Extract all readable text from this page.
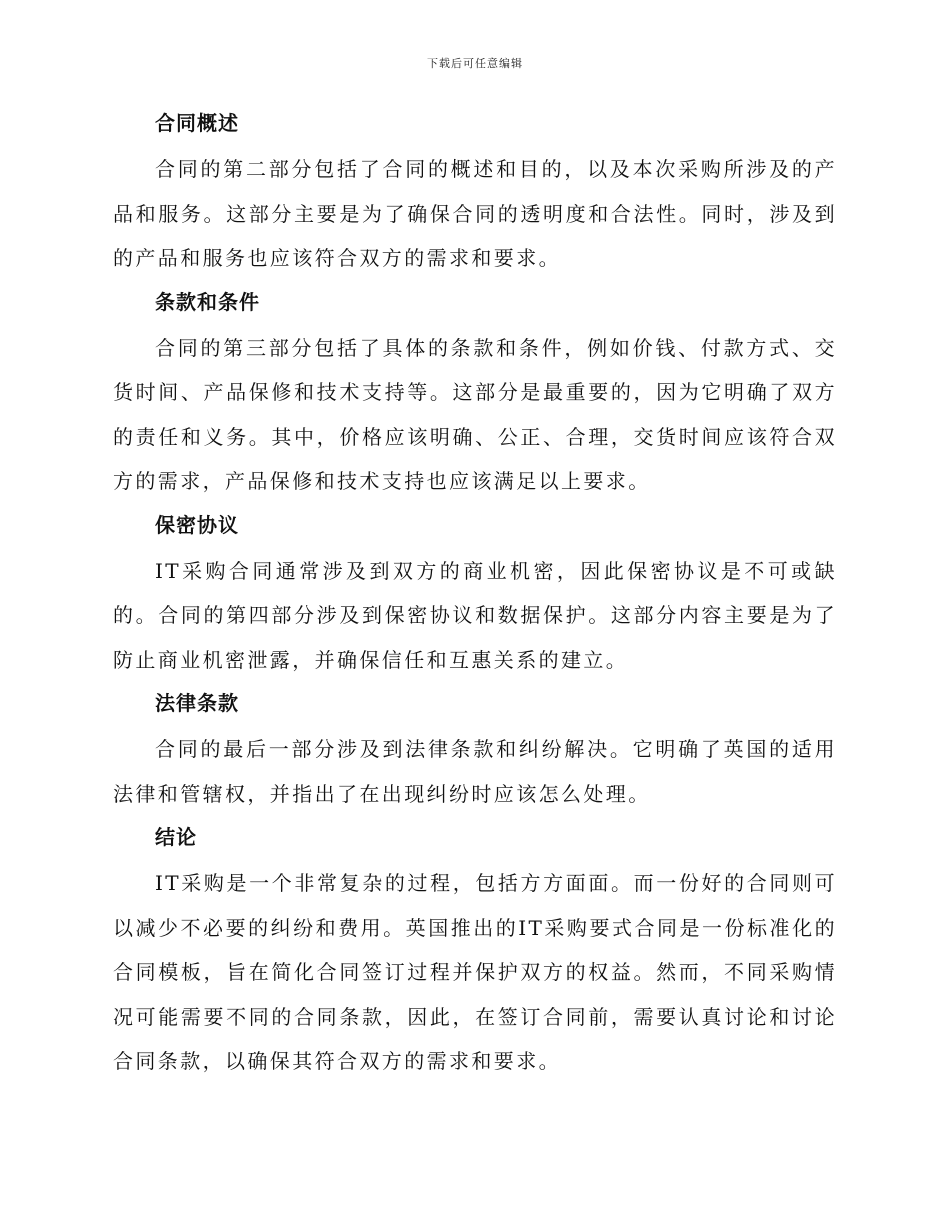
下载后可任意编辑
合同概述

合同的第二部分包括了合同的概述和目的，以及本次采购所涉及的产品和服务。这部分主要是为了确保合同的透明度和合法性。同时，涉及到的产品和服务也应该符合双方的需求和要求。

条款和条件

合同的第三部分包括了具体的条款和条件，例如价钱、付款方式、交货时间、产品保修和技术支持等。这部分是最重要的，因为它明确了双方的责任和义务。其中，价格应该明确、公正、合理，交货时间应该符合双方的需求，产品保修和技术支持也应该满足以上要求。

保密协议

IT采购合同通常涉及到双方的商业机密，因此保密协议是不可或缺的。合同的第四部分涉及到保密协议和数据保护。这部分内容主要是为了防止商业机密泄露，并确保信任和互惠关系的建立。

法律条款

合同的最后一部分涉及到法律条款和纠纷解决。它明确了英国的适用法律和管辖权，并指出了在出现纠纷时应该怎么处理。

结论

IT采购是一个非常复杂的过程，包括方方面面。而一份好的合同则可以减少不必要的纠纷和费用。英国推出的IT采购要式合同是一份标准化的合同模板，旨在简化合同签订过程并保护双方的权益。然而，不同采购情况可能需要不同的合同条款，因此，在签订合同前，需要认真讨论和讨论合同条款，以确保其符合双方的需求和要求。
